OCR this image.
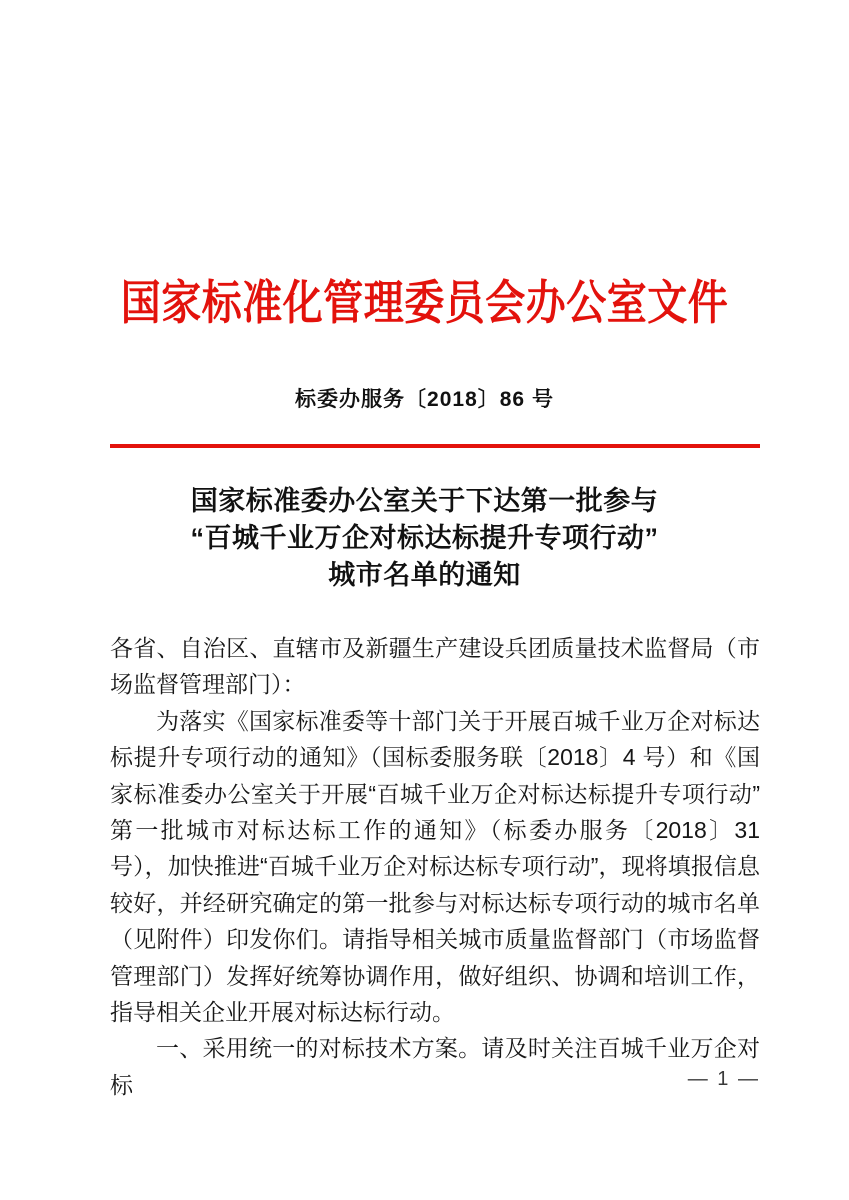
国家标准化管理委员会办公室文件
标委办服务〔2018〕86 号
国家标准委办公室关于下达第一批参与
“百城千业万企对标达标提升专项行动”
城市名单的通知

各省、自治区、直辖市及新疆生产建设兵团质量技术监督局（市场监督管理部门）：

为落实《国家标准委等十部门关于开展百城千业万企对标达标提升专项行动的通知》（国标委服务联〔2018〕4 号）和《国家标准委办公室关于开展“百城千业万企对标达标提升专项行动”第一批城市对标达标工作的通知》（标委办服务〔2018〕31 号），加快推进“百城千业万企对标达标专项行动”，现将填报信息较好，并经研究确定的第一批参与对标达标专项行动的城市名单（见附件）印发你们。请指导相关城市质量监督部门（市场监督管理部门）发挥好统筹协调作用，做好组织、协调和培训工作，指导相关企业开展对标达标行动。

一、采用统一的对标技术方案。请及时关注百城千业万企对标	— 1 —
